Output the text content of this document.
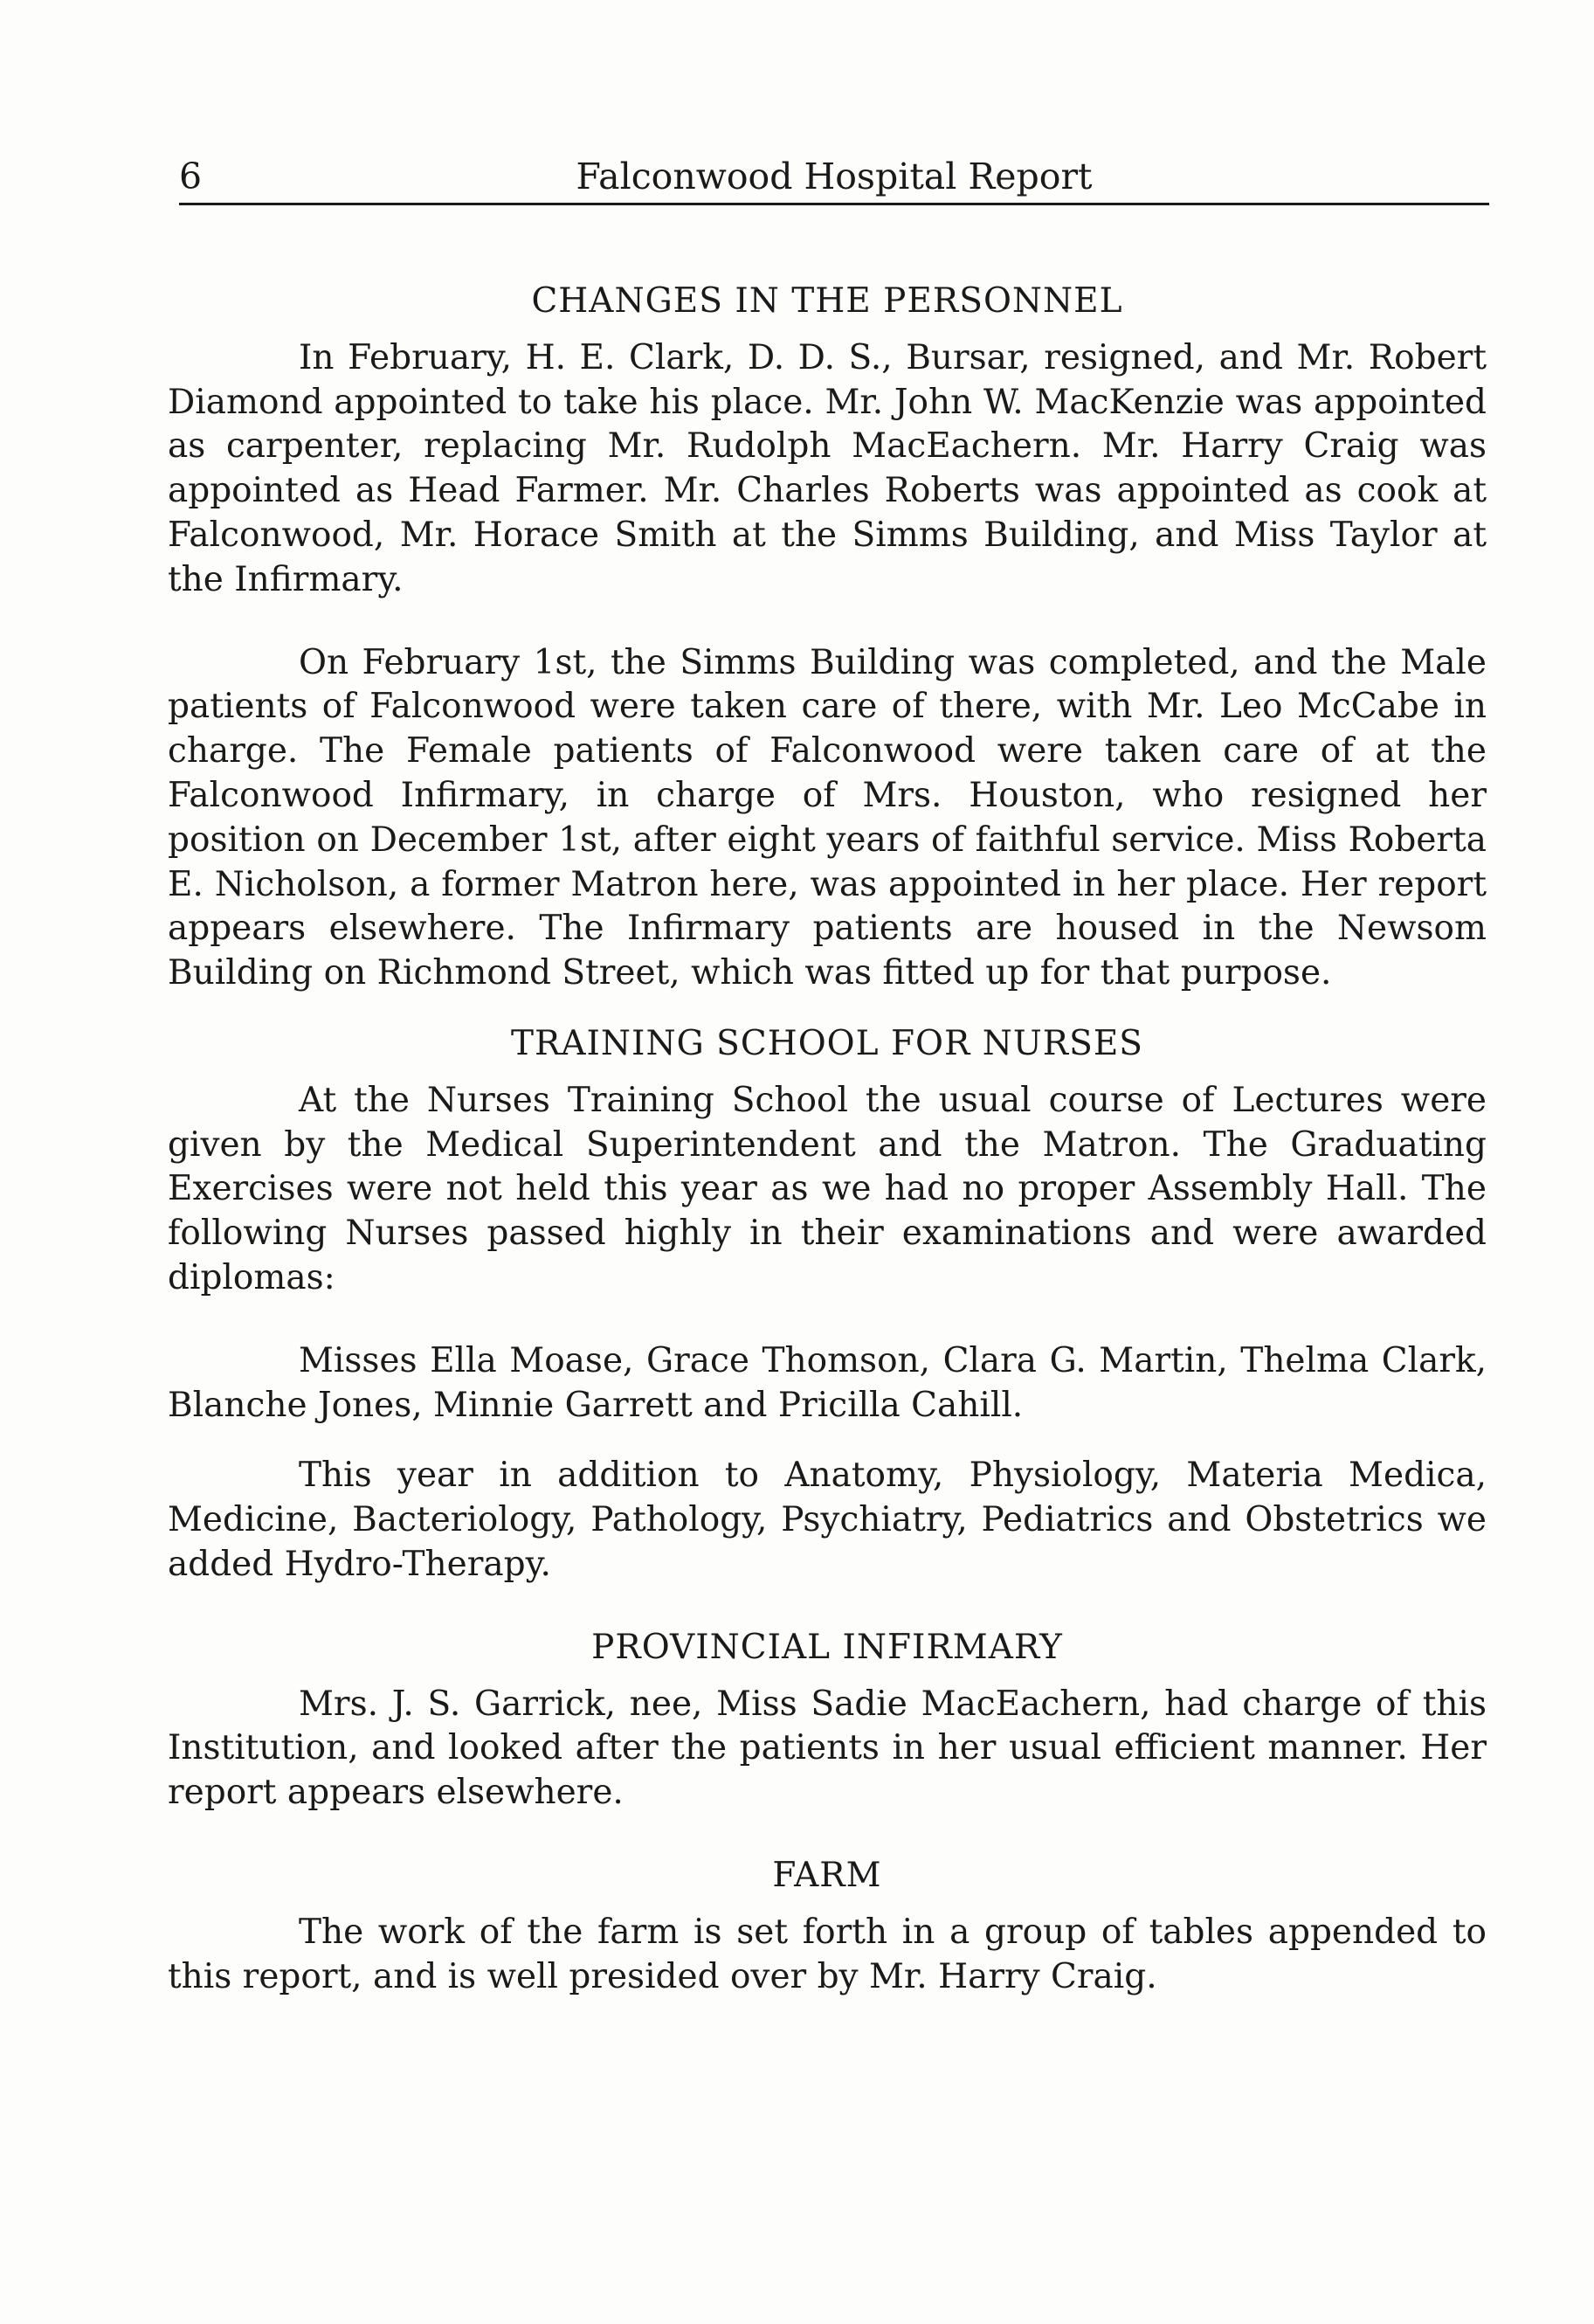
6	Falconwood Hospital Report

CHANGES IN THE PERSONNEL

In February, H. E. Clark, D. D. S., Bursar, resigned, and Mr. Robert Diamond appointed to take his place. Mr. John W. MacKenzie was appointed as carpenter, replacing Mr. Rudolph MacEachern. Mr. Harry Craig was appointed as Head Farmer. Mr. Charles Roberts was appointed as cook at Falconwood, Mr. Horace Smith at the Simms Building, and Miss Taylor at the Infirmary.

On February 1st, the Simms Building was completed, and the Male patients of Falconwood were taken care of there, with Mr. Leo McCabe in charge. The Female patients of Falconwood were taken care of at the Falconwood Infirmary, in charge of Mrs. Houston, who resigned her position on December 1st, after eight years of faithful service. Miss Roberta E. Nicholson, a former Matron here, was appointed in her place. Her report appears elsewhere. The Infirmary patients are housed in the Newsom Building on Richmond Street, which was fitted up for that purpose.

TRAINING SCHOOL FOR NURSES

At the Nurses Training School the usual course of Lectures were given by the Medical Superintendent and the Matron. The Graduating Exercises were not held this year as we had no proper Assembly Hall. The following Nurses passed highly in their examinations and were awarded diplomas:

Misses Ella Moase, Grace Thomson, Clara G. Martin, Thelma Clark, Blanche Jones, Minnie Garrett and Pricilla Cahill.

This year in addition to Anatomy, Physiology, Materia Medica, Medicine, Bacteriology, Pathology, Psychiatry, Pediatrics and Obstetrics we added Hydro-Therapy.

PROVINCIAL INFIRMARY

Mrs. J. S. Garrick, nee, Miss Sadie MacEachern, had charge of this Institution, and looked after the patients in her usual efficient manner. Her report appears elsewhere.

FARM

The work of the farm is set forth in a group of tables appended to this report, and is well presided over by Mr. Harry Craig.
